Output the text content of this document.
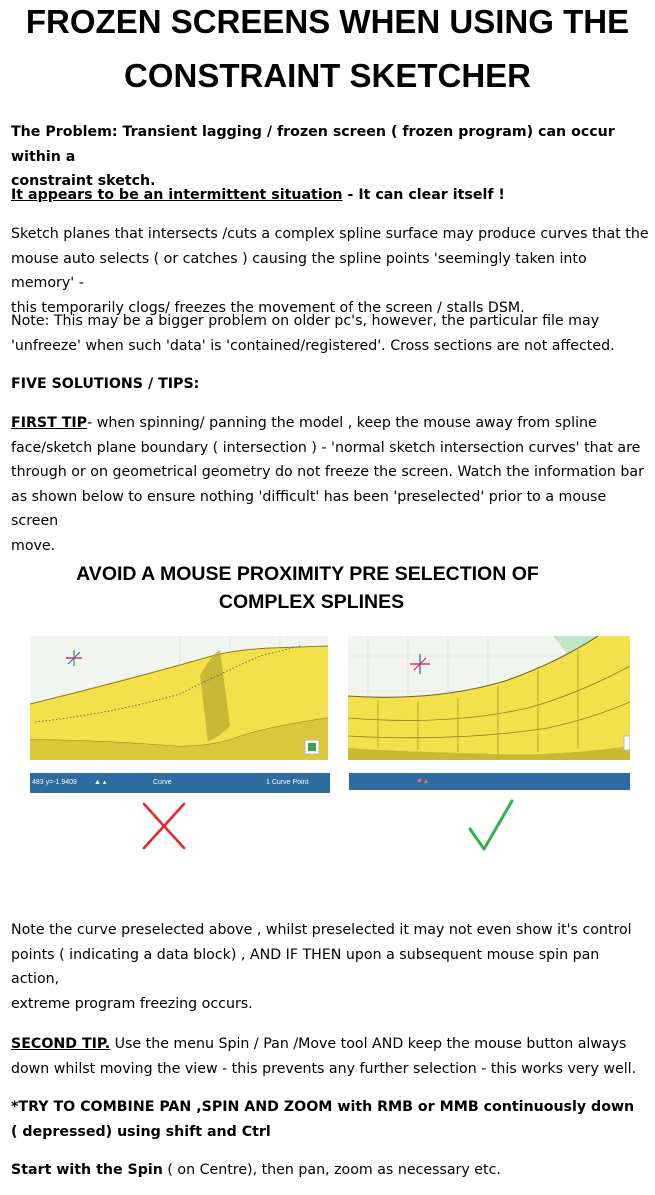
FROZEN SCREENS WHEN USING THE
CONSTRAINT SKETCHER
The Problem: Transient lagging / frozen screen ( frozen program) can occur within a
constraint sketch.
It appears to be an intermittent situation - It can clear itself !
Sketch planes that intersects /cuts a complex spline surface may produce curves that the
mouse auto selects ( or catches ) causing the spline points 'seemingly taken into memory' -
this temporarily clogs/ freezes the movement of the screen / stalls DSM.
Note: This may be a bigger problem on older pc's, however, the particular file may
'unfreeze' when such 'data' is 'contained/registered'. Cross sections are not affected.
FIVE SOLUTIONS / TIPS:
FIRST TIP- when spinning/ panning the model , keep the mouse away from spline
face/sketch plane boundary ( intersection ) - 'normal sketch intersection curves' that are
through or on geometrical geometry do not freeze the screen. Watch the information bar
as shown below to ensure nothing 'difficult' has been 'preselected' prior to a mouse screen
move.
AVOID A MOUSE PROXIMITY PRE SELECTION OF
COMPLEX SPLINES
483 y=-1.9409 ▲ ▴	Curve	1 Curve Point	● ▴
Note the curve preselected above , whilst preselected it may not even show it's control
points ( indicating a data block) , AND IF THEN upon a subsequent mouse spin pan action,
extreme program freezing occurs.
SECOND TIP. Use the menu Spin / Pan /Move tool AND keep the mouse button always
down whilst moving the view - this prevents any further selection - this works very well.
*TRY TO COMBINE PAN ,SPIN AND ZOOM with RMB or MMB continuously down
( depressed) using shift and Ctrl
Start with the Spin ( on Centre), then pan, zoom as necessary etc.
